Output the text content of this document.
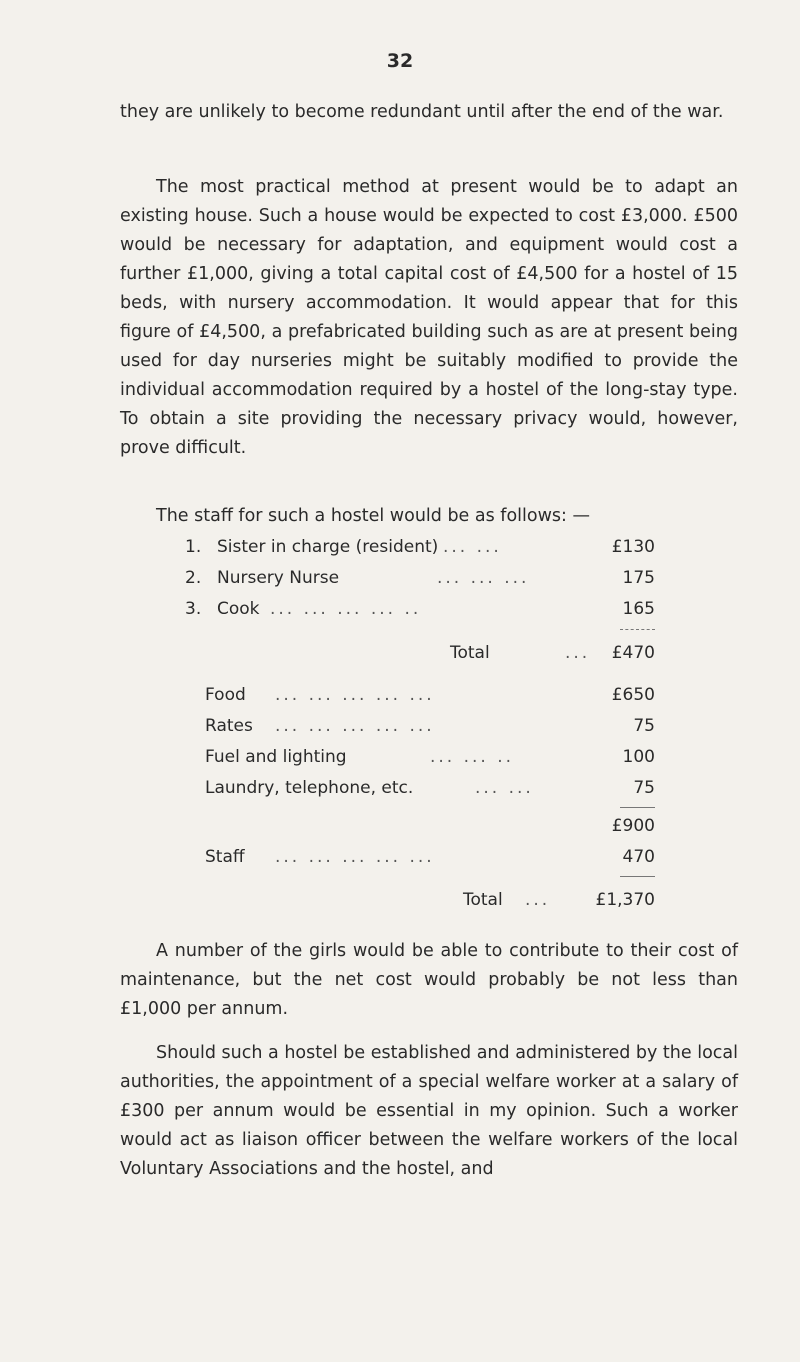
32

they are unlikely to become redundant until after the end of the war.

The most practical method at present would be to adapt an existing house. Such a house would be expected to cost £3,000. £500 would be necessary for adaptation, and equipment would cost a further £1,000, giving a total capital cost of £4,500 for a hostel of 15 beds, with nursery accommodation. It would appear that for this figure of £4,500, a prefabricated building such as are at present being used for day nurseries might be suitably modified to provide the individual accommodation required by a hostel of the long-stay type. To obtain a site providing the necessary privacy would, however, prove difficult.

The staff for such a hostel would be as follows: —

1. Sister in charge (resident) ... ...	£130
2. Nursery Nurse	... ... ...	175
3. Cook ... ... ... ... ..	165
Total	... £470
Food ... ... ... ... ...	£650
Rates ... ... ... ... ...	75
Fuel and lighting	... ... ..	100
Laundry, telephone, etc.	... ...	75
£900
Staff ... ... ... ... ...	470
Total ...	£1,370

A number of the girls would be able to contribute to their cost of maintenance, but the net cost would probably be not less than £1,000 per annum.

Should such a hostel be established and administered by the local authorities, the appointment of a special welfare worker at a salary of £300 per annum would be essential in my opinion. Such a worker would act as liaison officer between the welfare workers of the local Voluntary Associations and the hostel, and
